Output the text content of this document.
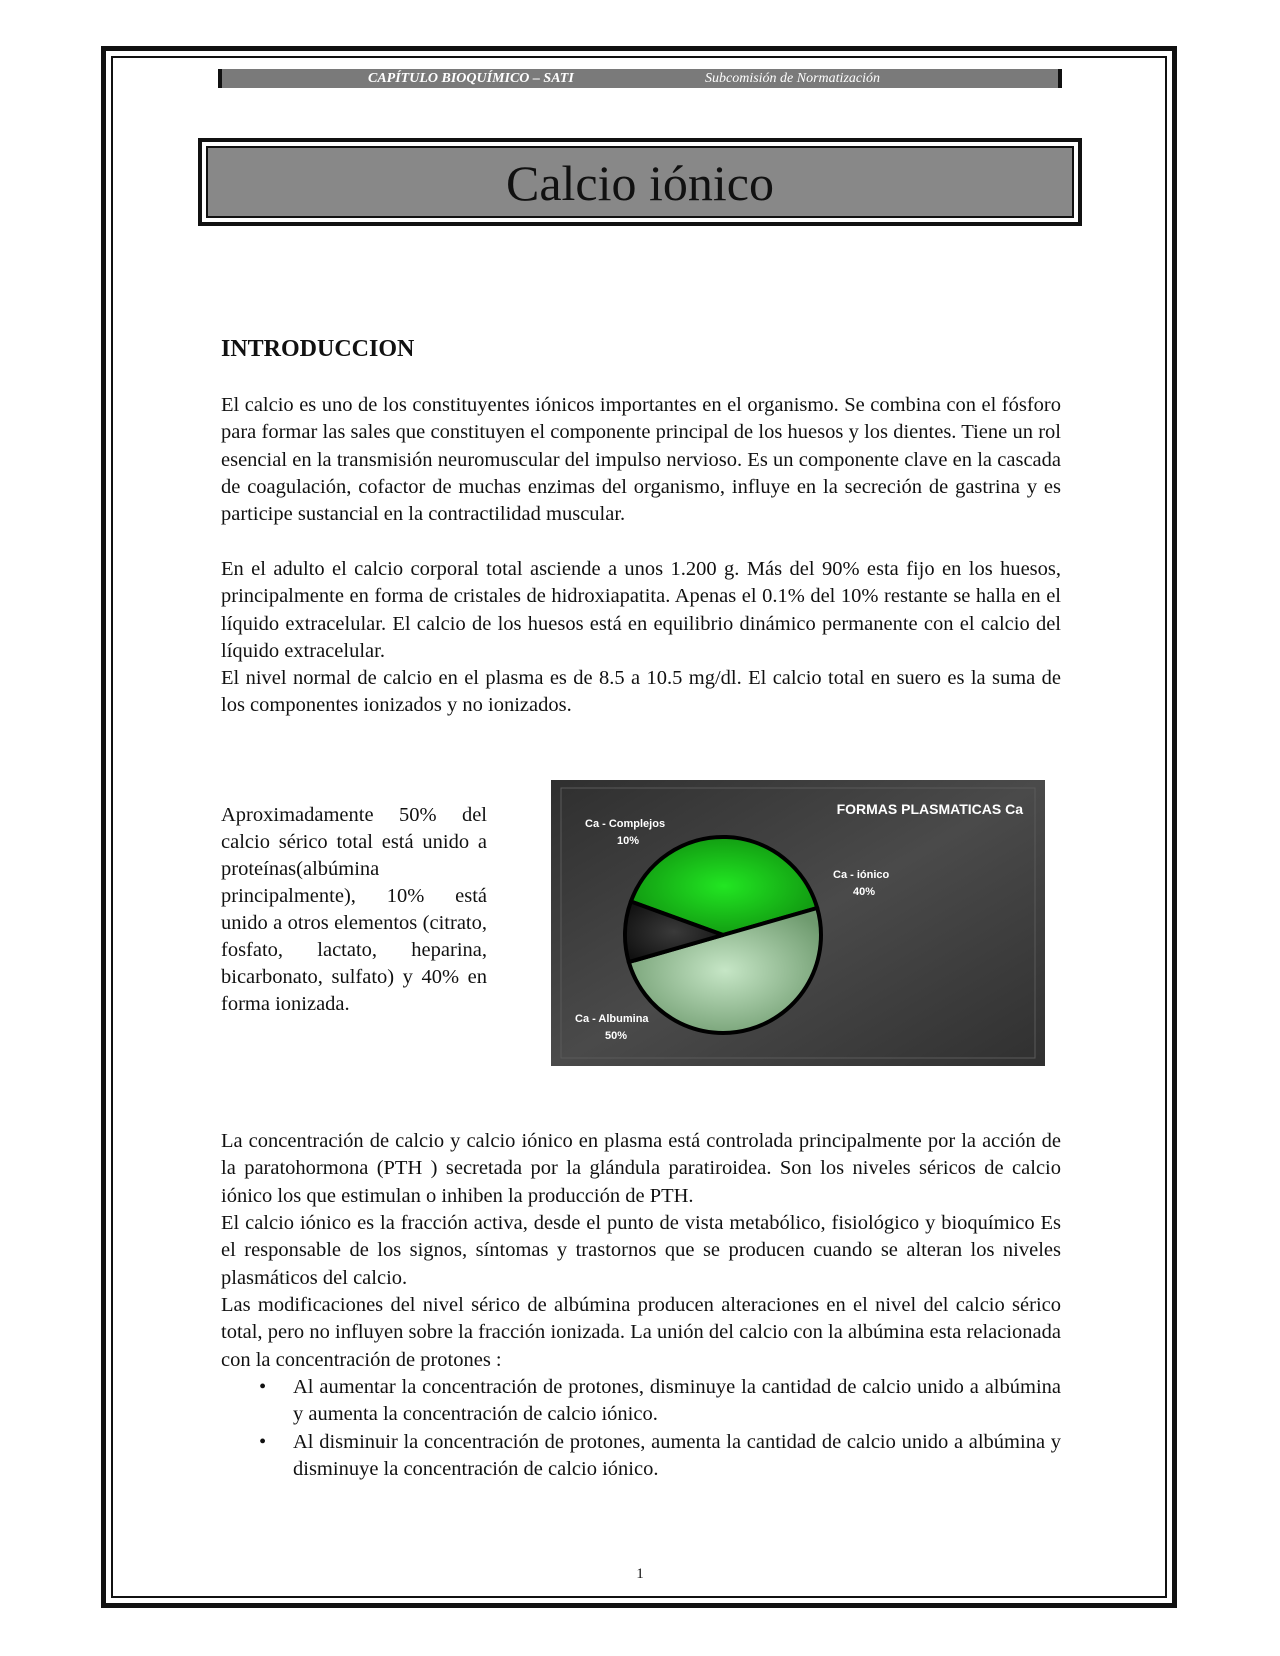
CAPÍTULO BIOQUÍMICO – SATI	Subcomisión de Normatización
Calcio iónico
INTRODUCCION

El calcio es uno de los constituyentes iónicos importantes en el organismo. Se combina con el fósforo para formar las sales que constituyen el componente principal de los huesos y los dientes. Tiene un rol esencial en la transmisión neuromuscular del impulso nervioso. Es un componente clave en la cascada de coagulación, cofactor de muchas enzimas del organismo, influye en la secreción de gastrina y es participe sustancial en la contractilidad muscular.

En el adulto el calcio corporal total asciende a unos 1.200 g. Más del 90% esta fijo en los huesos, principalmente en forma de cristales de hidroxiapatita. Apenas el 0.1% del 10% restante se halla en el líquido extracelular. El calcio de los huesos está en equilibrio dinámico permanente con el calcio del líquido extracelular.

El nivel normal de calcio en el plasma es de 8.5 a 10.5 mg/dl. El calcio total en suero es la suma de los componentes ionizados y no ionizados.

Aproximadamente 50% del calcio sérico total está unido a proteínas(albúmina principalmente), 10% está unido a otros elementos (citrato, fosfato, lactato, heparina, bicarbonato, sulfato) y 40% en forma ionizada.

FORMAS PLASMATICAS Ca
Ca - Complejos
10%
Ca - iónico
40%
Ca - Albumina
50%

La concentración de calcio y calcio iónico en plasma está controlada principalmente por la acción de la paratohormona (PTH ) secretada por la glándula paratiroidea. Son los niveles séricos de calcio iónico los que estimulan o inhiben la producción de PTH.

El calcio iónico es la fracción activa, desde el punto de vista metabólico, fisiológico y bioquímico Es el responsable de los signos, síntomas y trastornos que se producen cuando se alteran los niveles plasmáticos del calcio.

Las modificaciones del nivel sérico de albúmina producen alteraciones en el nivel del calcio sérico total, pero no influyen sobre la fracción ionizada. La unión del calcio con la albúmina esta relacionada con la concentración de protones :

• Al aumentar la concentración de protones, disminuye la cantidad de calcio unido a albúmina y aumenta la concentración de calcio iónico.
• Al disminuir la concentración de protones, aumenta la cantidad de calcio unido a albúmina y disminuye la concentración de calcio iónico.
1
